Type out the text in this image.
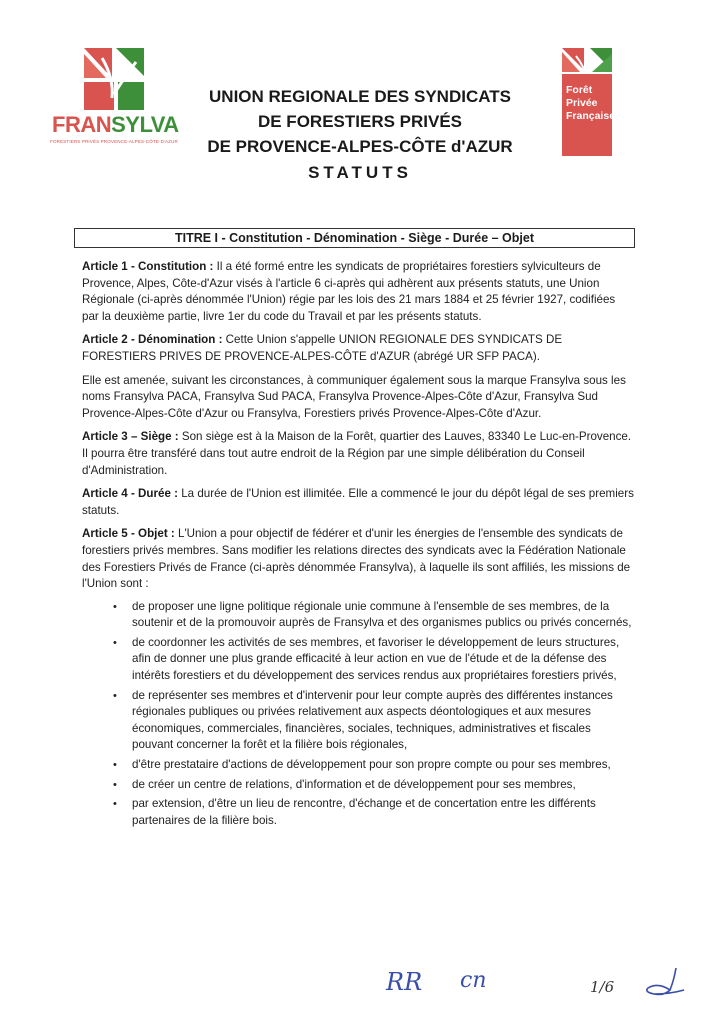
FRANSYLVA
FORESTIERS PRIVÉS PROVENCE-ALPES-CÔTE-D'AZUR
Forêt
Privée
Française
UNION REGIONALE DES SYNDICATS
DE FORESTIERS PRIVÉS
DE PROVENCE-ALPES-CÔTE d'AZUR
STATUTS
TITRE I - Constitution - Dénomination - Siège - Durée – Objet

Article 1 - Constitution : Il a été formé entre les syndicats de propriétaires forestiers sylviculteurs de Provence, Alpes, Côte-d'Azur visés à l'article 6 ci-après qui adhèrent aux présents statuts, une Union Régionale (ci-après dénommée l'Union) régie par les lois des 21 mars 1884 et 25 février 1927, codifiées par la deuxième partie, livre 1er du code du Travail et par les présents statuts.

Article 2 - Dénomination : Cette Union s'appelle UNION REGIONALE DES SYNDICATS DE FORESTIERS PRIVES DE PROVENCE-ALPES-CÔTE d'AZUR (abrégé UR SFP PACA).

Elle est amenée, suivant les circonstances, à communiquer également sous la marque Fransylva sous les noms Fransylva PACA, Fransylva Sud PACA, Fransylva Provence-Alpes-Côte d'Azur, Fransylva Sud Provence-Alpes-Côte d'Azur ou Fransylva, Forestiers privés Provence-Alpes-Côte d'Azur.

Article 3 – Siège : Son siège est à la Maison de la Forêt, quartier des Lauves, 83340 Le Luc-en-Provence. Il pourra être transféré dans tout autre endroit de la Région par une simple délibération du Conseil d'Administration.

Article 4 - Durée : La durée de l'Union est illimitée. Elle a commencé le jour du dépôt légal de ses premiers statuts.

Article 5 - Objet : L'Union a pour objectif de fédérer et d'unir les énergies de l'ensemble des syndicats de forestiers privés membres. Sans modifier les relations directes des syndicats avec la Fédération Nationale des Forestiers Privés de France (ci-après dénommée Fransylva), à laquelle ils sont affiliés, les missions de l'Union sont :

• de proposer une ligne politique régionale unie commune à l'ensemble de ses membres, de la soutenir et de la promouvoir auprès de Fransylva et des organismes publics ou privés concernés,
• de coordonner les activités de ses membres, et favoriser le développement de leurs structures, afin de donner une plus grande efficacité à leur action en vue de l'étude et de la défense des intérêts forestiers et du développement des services rendus aux propriétaires forestiers privés,
• de représenter ses membres et d'intervenir pour leur compte auprès des différentes instances régionales publiques ou privées relativement aux aspects déontologiques et aux mesures économiques, commerciales, financières, sociales, techniques, administratives et fiscales pouvant concerner la forêt et la filière bois régionales,
• d'être prestataire d'actions de développement pour son propre compte ou pour ses membres,
• de créer un centre de relations, d'information et de développement pour ses membres,
• par extension, d'être un lieu de rencontre, d'échange et de concertation entre les différents partenaires de la filière bois.
RR cn	1/6
